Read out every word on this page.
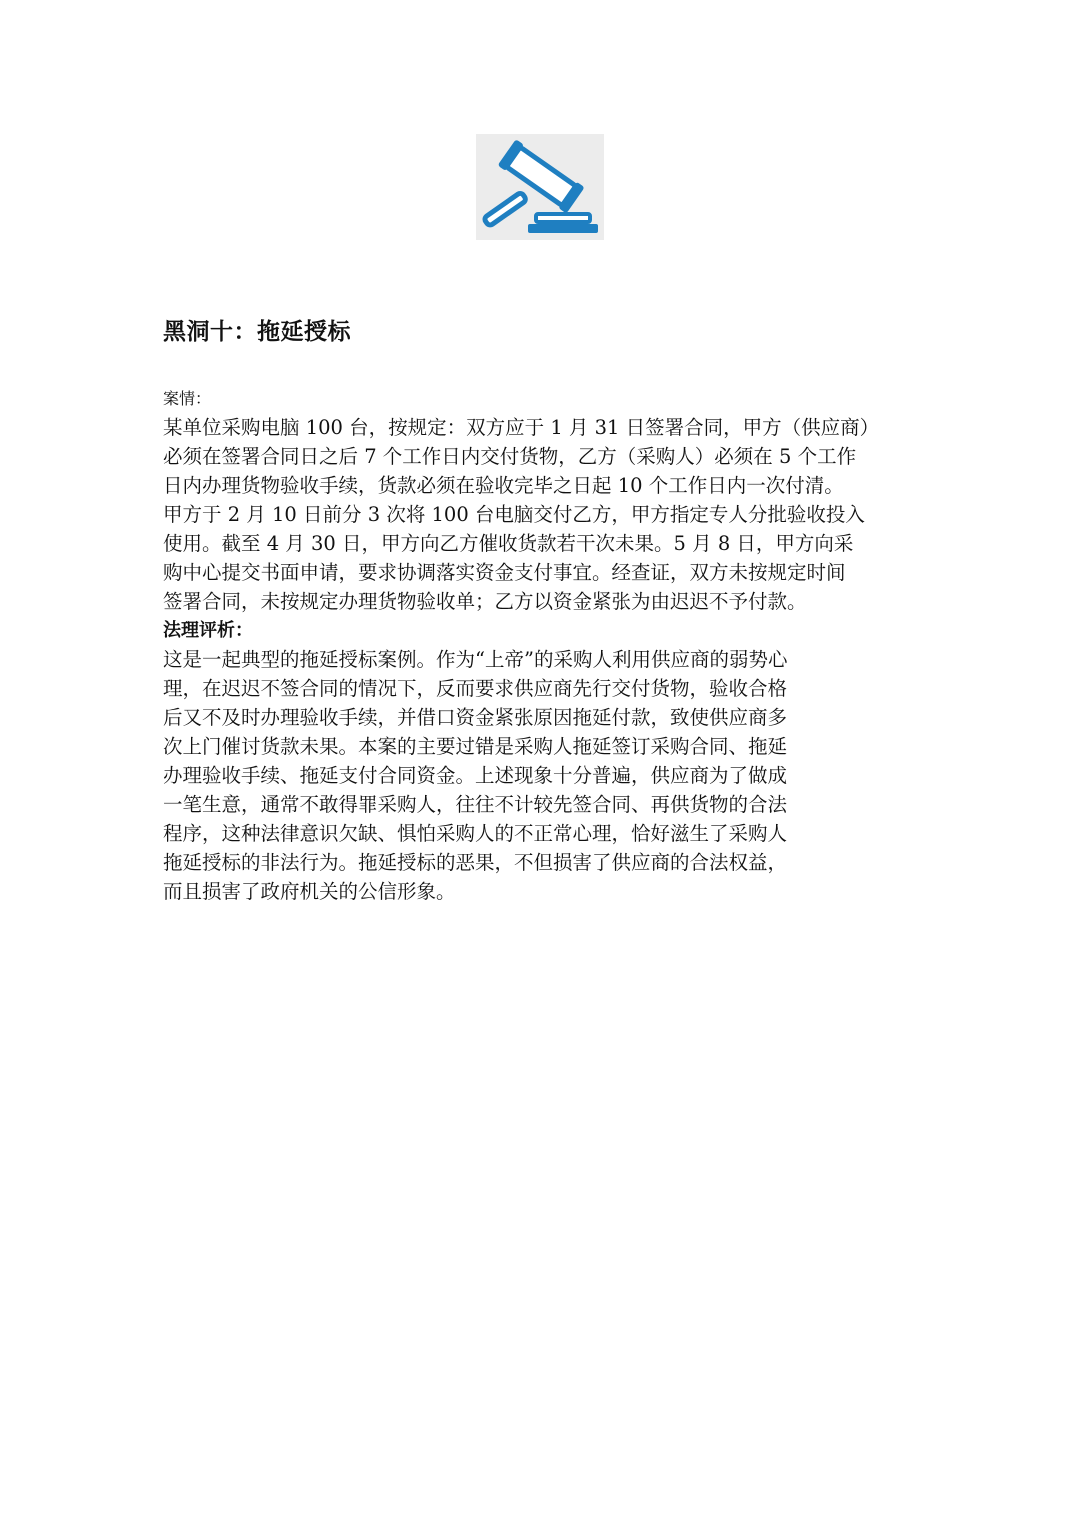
黑洞十：拖延授标

案情：

某单位采购电脑 100 台，按规定：双方应于 1 月 31 日签署合同，甲方（供应商）

必须在签署合同日之后 7 个工作日内交付货物，乙方（采购人）必须在 5 个工作

日内办理货物验收手续，货款必须在验收完毕之日起 10 个工作日内一次付清。

甲方于 2 月 10 日前分 3 次将 100 台电脑交付乙方，甲方指定专人分批验收投入

使用。截至 4 月 30 日，甲方向乙方催收货款若干次未果。5 月 8 日，甲方向采

购中心提交书面申请，要求协调落实资金支付事宜。经查证，双方未按规定时间

签署合同，未按规定办理货物验收单；乙方以资金紧张为由迟迟不予付款。

法理评析：

这是一起典型的拖延授标案例。作为“上帝”的采购人利用供应商的弱势心

理，在迟迟不签合同的情况下，反而要求供应商先行交付货物，验收合格

后又不及时办理验收手续，并借口资金紧张原因拖延付款，致使供应商多

次上门催讨货款未果。本案的主要过错是采购人拖延签订采购合同、拖延

办理验收手续、拖延支付合同资金。上述现象十分普遍，供应商为了做成

一笔生意，通常不敢得罪采购人，往往不计较先签合同、再供货物的合法

程序，这种法律意识欠缺、惧怕采购人的不正常心理，恰好滋生了采购人

拖延授标的非法行为。拖延授标的恶果，不但损害了供应商的合法权益，

而且损害了政府机关的公信形象。
